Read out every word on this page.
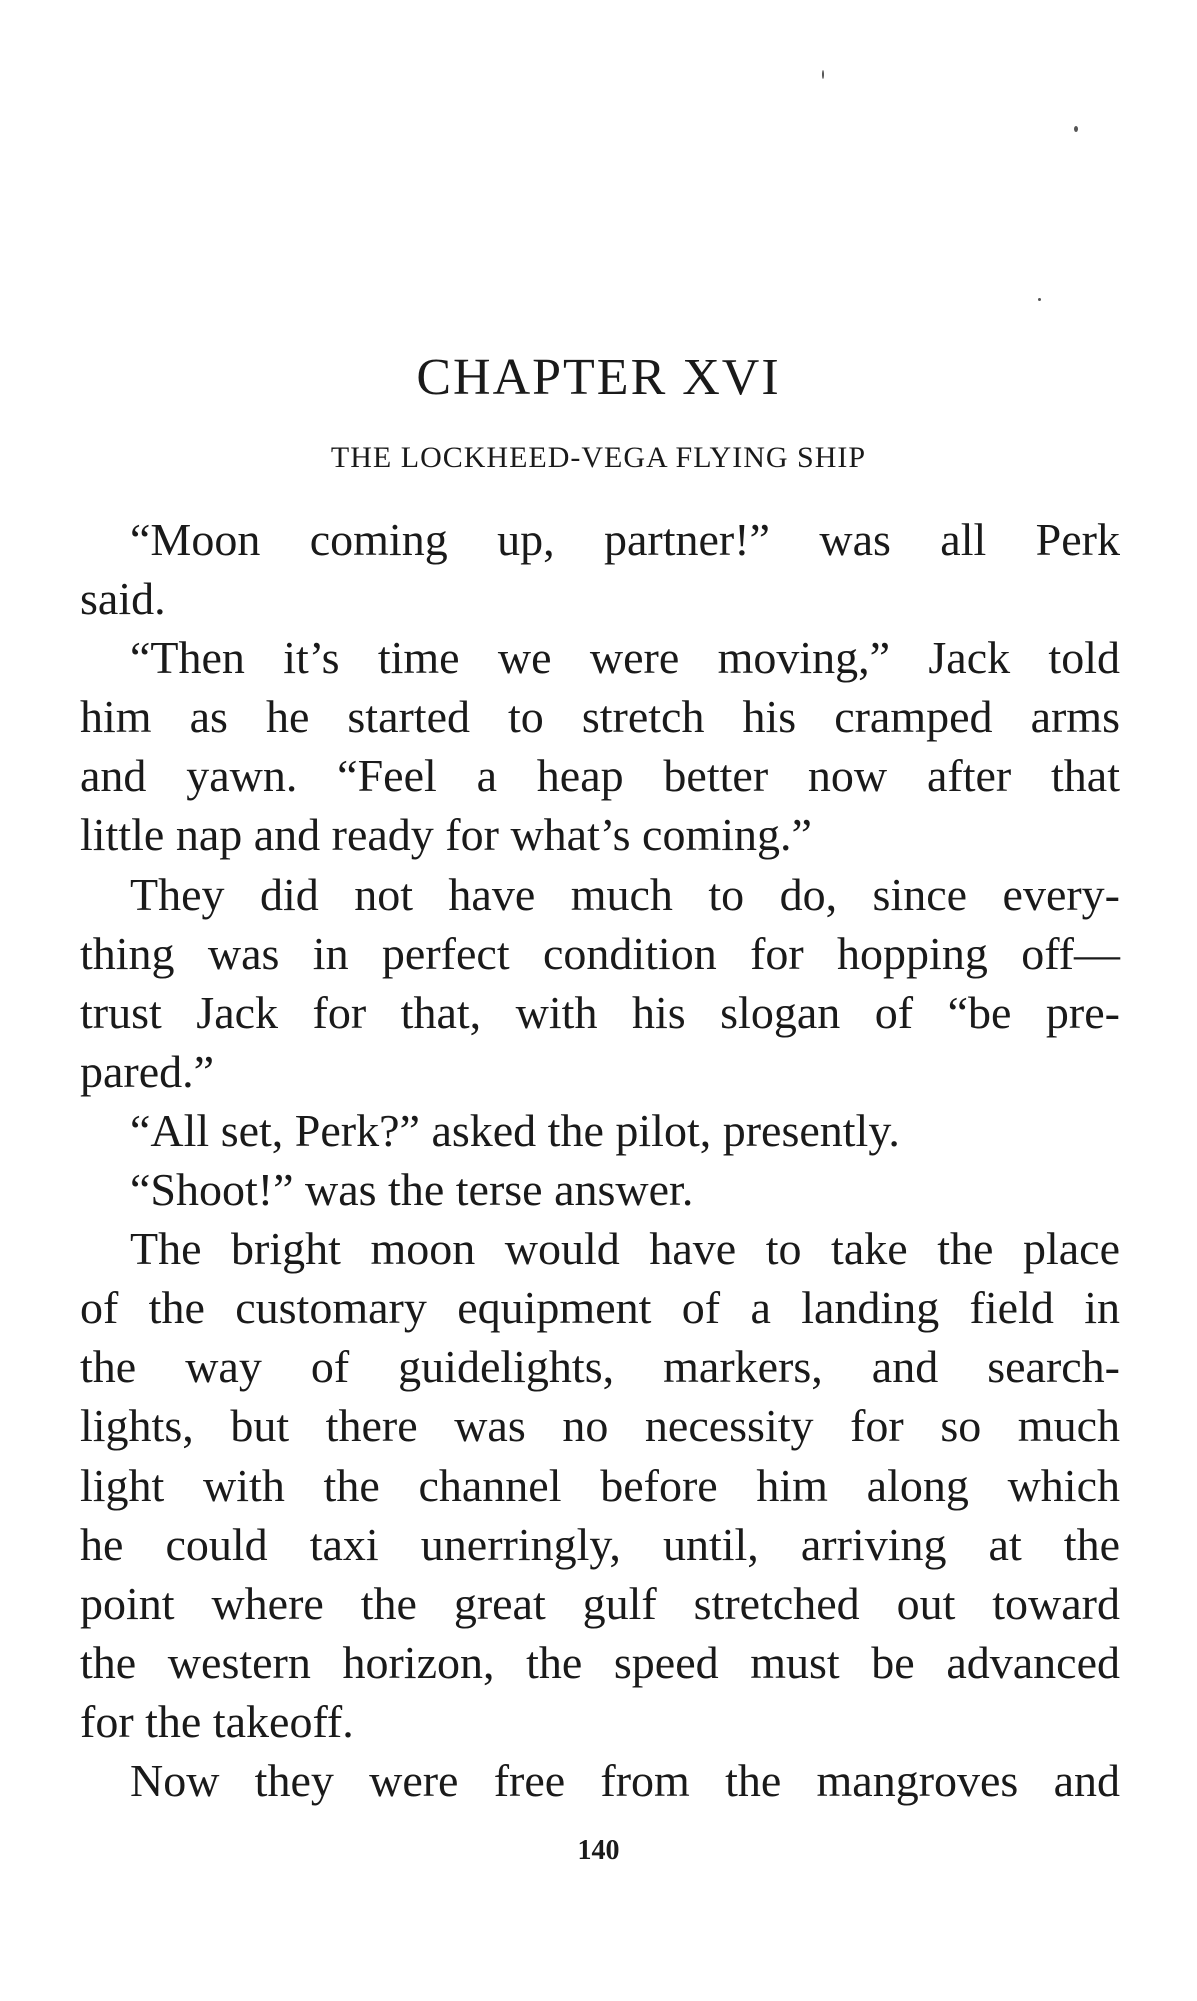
CHAPTER XVI
THE LOCKHEED-VEGA FLYING SHIP
“Moon coming up, partner!” was all Perk
said.
“Then it’s time we were moving,” Jack told
him as he started to stretch his cramped arms
and yawn. “Feel a heap better now after that
little nap and ready for what’s coming.”
They did not have much to do, since every-
thing was in perfect condition for hopping off—
trust Jack for that, with his slogan of “be pre-
pared.”
“All set, Perk?” asked the pilot, presently.
“Shoot!” was the terse answer.
The bright moon would have to take the place
of the customary equipment of a landing field in
the way of guidelights, markers, and search-
lights, but there was no necessity for so much
light with the channel before him along which
he could taxi unerringly, until, arriving at the
point where the great gulf stretched out toward
the western horizon, the speed must be advanced
for the takeoff.
Now they were free from the mangroves and
140
